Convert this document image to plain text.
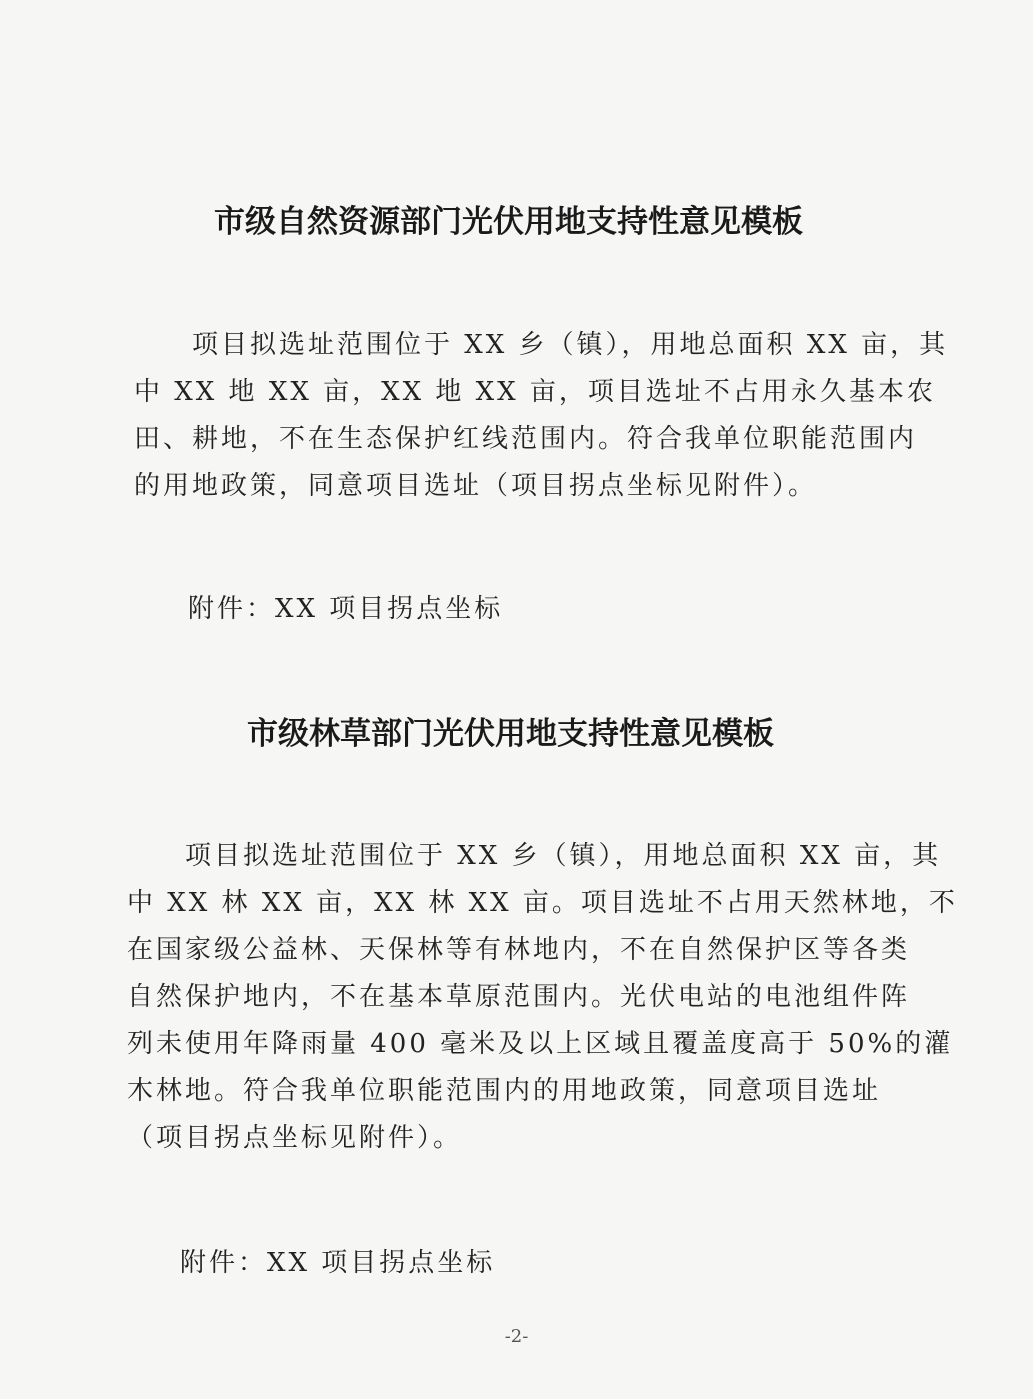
市级自然资源部门光伏用地支持性意见模板
项目拟选址范围位于 XX 乡（镇），用地总面积 XX 亩，其
中 XX 地 XX 亩，XX 地 XX 亩，项目选址不占用永久基本农
田、耕地，不在生态保护红线范围内。符合我单位职能范围内
的用地政策，同意项目选址（项目拐点坐标见附件）。
附件：XX 项目拐点坐标
市级林草部门光伏用地支持性意见模板
项目拟选址范围位于 XX 乡（镇），用地总面积 XX 亩，其
中 XX 林 XX 亩，XX 林 XX 亩。项目选址不占用天然林地，不
在国家级公益林、天保林等有林地内，不在自然保护区等各类
自然保护地内，不在基本草原范围内。光伏电站的电池组件阵
列未使用年降雨量 400 毫米及以上区域且覆盖度高于 50%的灌
木林地。符合我单位职能范围内的用地政策，同意项目选址
（项目拐点坐标见附件）。
附件：XX 项目拐点坐标
-2-
